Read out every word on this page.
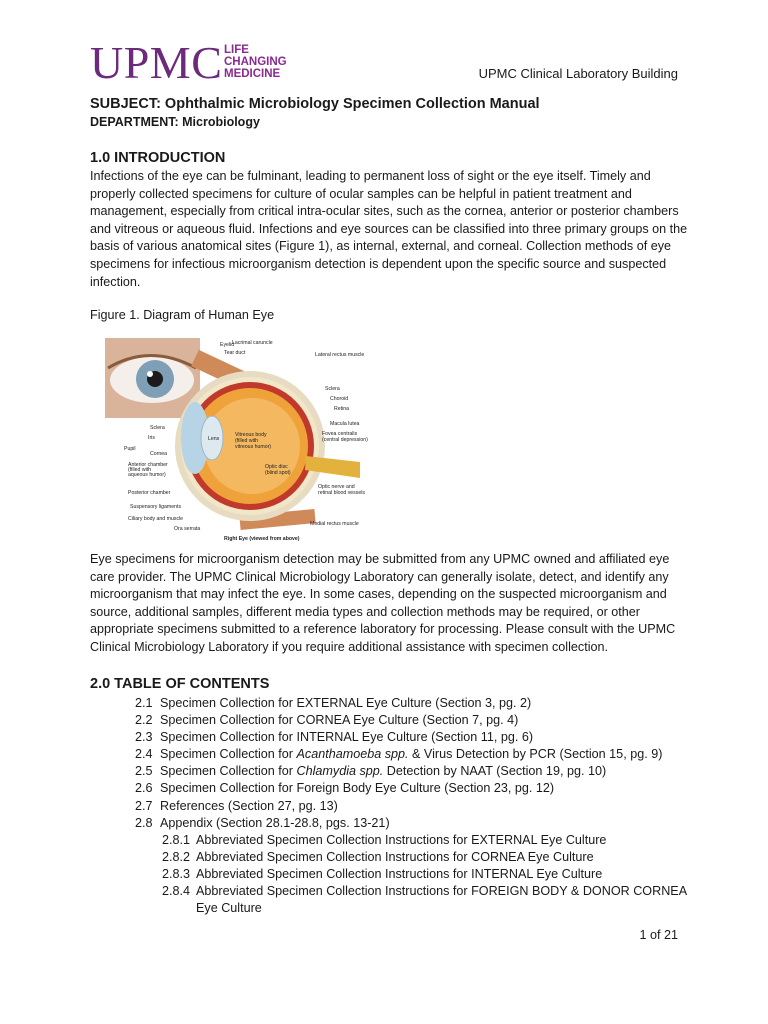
UPMC LIFE
CHANGING
MEDICINE	UPMC Clinical Laboratory Building
SUBJECT: Ophthalmic Microbiology Specimen Collection Manual
DEPARTMENT: Microbiology
1.0 INTRODUCTION
Infections of the eye can be fulminant, leading to permanent loss of sight or the eye itself. Timely and properly collected specimens for culture of ocular samples can be helpful in patient treatment and management, especially from critical intra-ocular sites, such as the cornea, anterior or posterior chambers and vitreous or aqueous fluid. Infections and eye sources can be classified into three primary groups on the basis of various anatomical sites (Figure 1), as internal, external, and corneal. Collection methods of eye specimens for infectious microorganism detection is dependent upon the specific source and suspected infection.
Figure 1. Diagram of Human Eye
Eyelid
Lacrimal caruncle
Tear duct	Lateral rectus muscle
Sclera
Choroid
Retina
Macula lutea
Fovea centralis
(central depression)
Optic nerve and
retinal blood vessels
Medial rectus muscle
Sclera
Iris
Pupil
Cornea
Anterior chamber
(filled with
aqueous humor)
Posterior chamber
Suspensory ligaments
Ciliary body and muscle
Ora serrata
Lens
Vitreous body
(filled with
vitreous humor)
Optic disc
(blind spot)
Right Eye (viewed from above)
Eye specimens for microorganism detection may be submitted from any UPMC owned and affiliated eye care provider. The UPMC Clinical Microbiology Laboratory can generally isolate, detect, and identify any microorganism that may infect the eye. In some cases, depending on the suspected microorganism and source, additional samples, different media types and collection methods may be required, or other appropriate specimens submitted to a reference laboratory for processing. Please consult with the UPMC Clinical Microbiology Laboratory if you require additional assistance with specimen collection.
2.0 TABLE OF CONTENTS
2.1 Specimen Collection for EXTERNAL Eye Culture (Section 3, pg. 2)
2.2 Specimen Collection for CORNEA Eye Culture (Section 7, pg. 4)
2.3 Specimen Collection for INTERNAL Eye Culture (Section 11, pg. 6)
2.4 Specimen Collection for Acanthamoeba spp. & Virus Detection by PCR (Section 15, pg. 9)
2.5 Specimen Collection for Chlamydia spp. Detection by NAAT (Section 19, pg. 10)
2.6 Specimen Collection for Foreign Body Eye Culture (Section 23, pg. 12)
2.7 References (Section 27, pg. 13)
2.8 Appendix (Section 28.1-28.8, pgs. 13-21)
2.8.1 Abbreviated Specimen Collection Instructions for EXTERNAL Eye Culture
2.8.2 Abbreviated Specimen Collection Instructions for CORNEA Eye Culture
2.8.3 Abbreviated Specimen Collection Instructions for INTERNAL Eye Culture
2.8.4 Abbreviated Specimen Collection Instructions for FOREIGN BODY & DONOR CORNEA
Eye Culture
1 of 21
